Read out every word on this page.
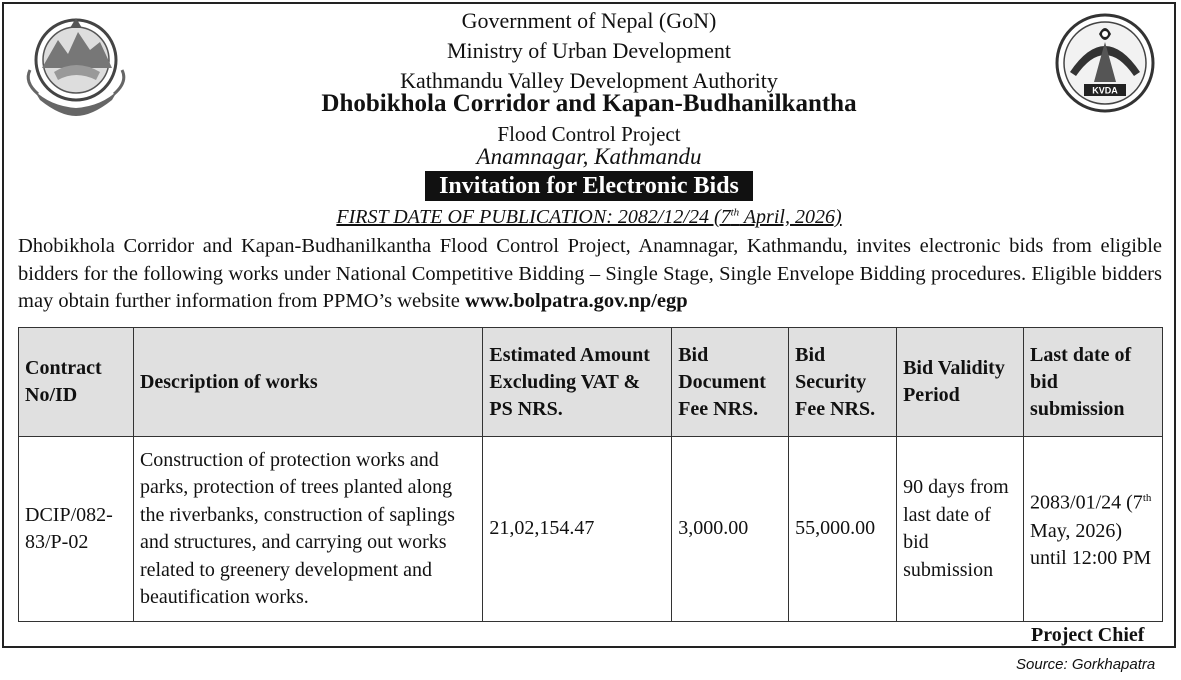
KVDA
Government of Nepal (GoN)
Ministry of Urban Development
Kathmandu Valley Development Authority
Dhobikhola Corridor and Kapan-Budhanilkantha
Flood Control Project
Anamnagar, Kathmandu
Invitation for Electronic Bids
FIRST DATE OF PUBLICATION: 2082/12/24 (7th April, 2026)

Dhobikhola Corridor and Kapan-Budhanilkantha Flood Control Project, Anamnagar, Kathmandu, invites electronic bids from eligible bidders for the following works under National Competitive Bidding – Single Stage, Single Envelope Bidding procedures. Eligible bidders may obtain further information from PPMO’s website www.bolpatra.gov.np/egp

Contract No/ID	Description of works	Estimated Amount Excluding VAT & PS NRS.	Bid Document Fee NRS.	Bid Security Fee NRS.	Bid Validity Period	Last date of bid submission
DCIP/082-83/P-02	Construction of protection works and parks, protection of trees planted along the riverbanks, construction of saplings and structures, and carrying out works related to greenery development and beautification works.	21,02,154.47	3,000.00	55,000.00	90 days from last date of bid submission	2083/01/24 (7th May, 2026) until 12:00 PM
Project Chief
Source: Gorkhapatra
